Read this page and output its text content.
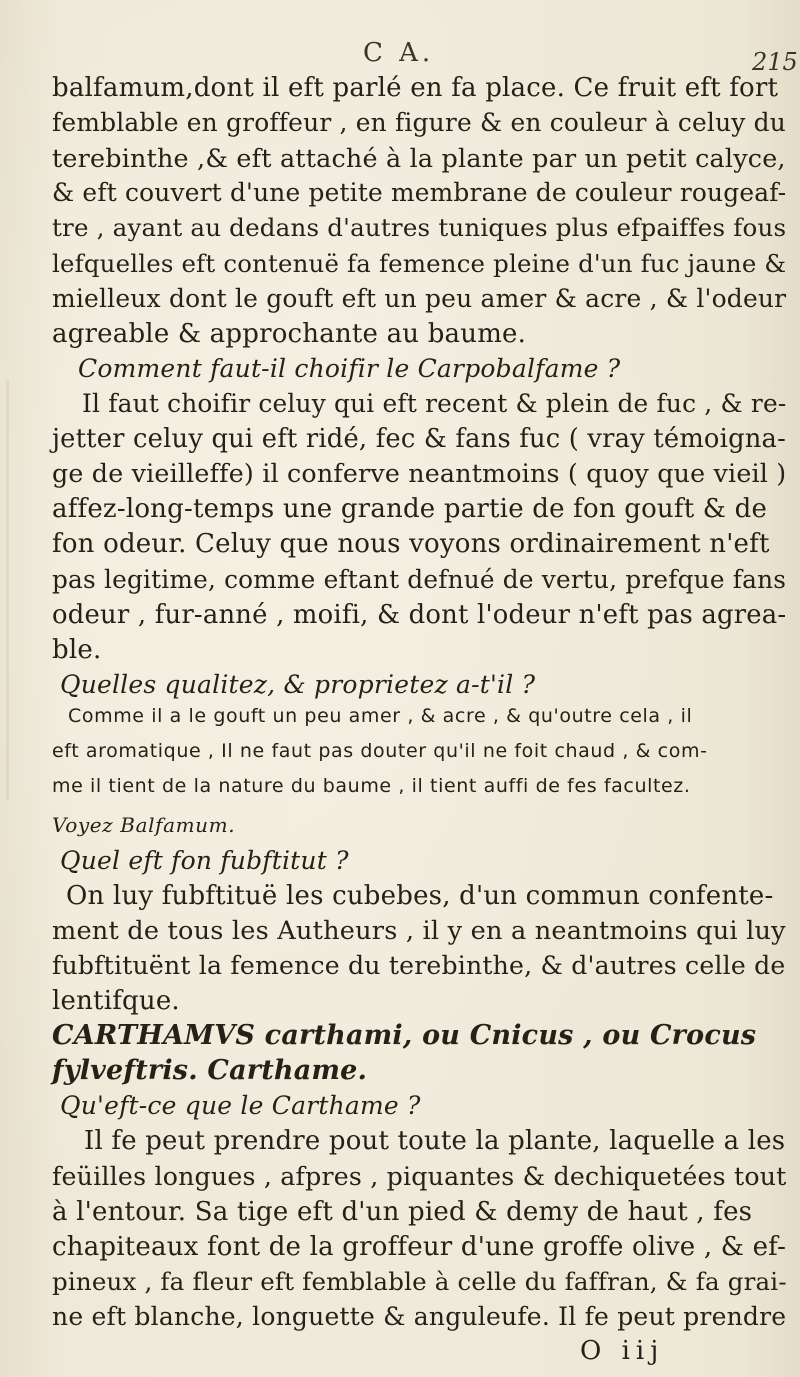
C A.	215
balfamum,dont il eft parlé en fa place. Ce fruit eft fort
femblable en groffeur , en figure & en couleur à celuy du
terebinthe ,& eft attaché à la plante par un petit calyce,
& eft couvert d'une petite membrane de couleur rougeaf-
tre , ayant au dedans d'autres tuniques plus efpaiffes fous
lefquelles eft contenuë fa femence pleine d'un fuc jaune &
mielleux dont le gouft eft un peu amer & acre , & l'odeur
agreable & approchante au baume.
Comment faut-il choifir le Carpobalfame ?
Il faut choifir celuy qui eft recent & plein de fuc , & re-
jetter celuy qui eft ridé, fec & fans fuc ( vray témoigna-
ge de vieilleffe) il conferve neantmoins ( quoy que vieil )
affez-long-temps une grande partie de fon gouft & de
fon odeur. Celuy que nous voyons ordinairement n'eft
pas legitime, comme eftant defnué de vertu, prefque fans
odeur , fur-anné , moifi, & dont l'odeur n'eft pas agrea-
ble.
Quelles qualitez, & proprietez a-t'il ?
Comme il a le gouft un peu amer , & acre , & qu'outre cela , il
eft aromatique , Il ne faut pas douter qu'il ne foit chaud , & com-
me il tient de la nature du baume , il tient auffi de fes facultez.
Voyez Balfamum.
Quel eft fon fubftitut ?
On luy fubftituë les cubebes, d'un commun confente-
ment de tous les Autheurs , il y en a neantmoins qui luy
fubftituënt la femence du terebinthe, & d'autres celle de
lentifque.
CARTHAMVS carthami, ou Cnicus , ou Crocus
fylveftris. Carthame.
Qu'eft-ce que le Carthame ?
Il fe peut prendre pout toute la plante, laquelle a les
feüilles longues , afpres , piquantes & dechiquetées tout
à l'entour. Sa tige eft d'un pied & demy de haut , fes
chapiteaux font de la groffeur d'une groffe olive , & ef-
pineux , fa fleur eft femblable à celle du faffran, & fa grai-
ne eft blanche, longuette & anguleufe. Il fe peut prendre
O iij
